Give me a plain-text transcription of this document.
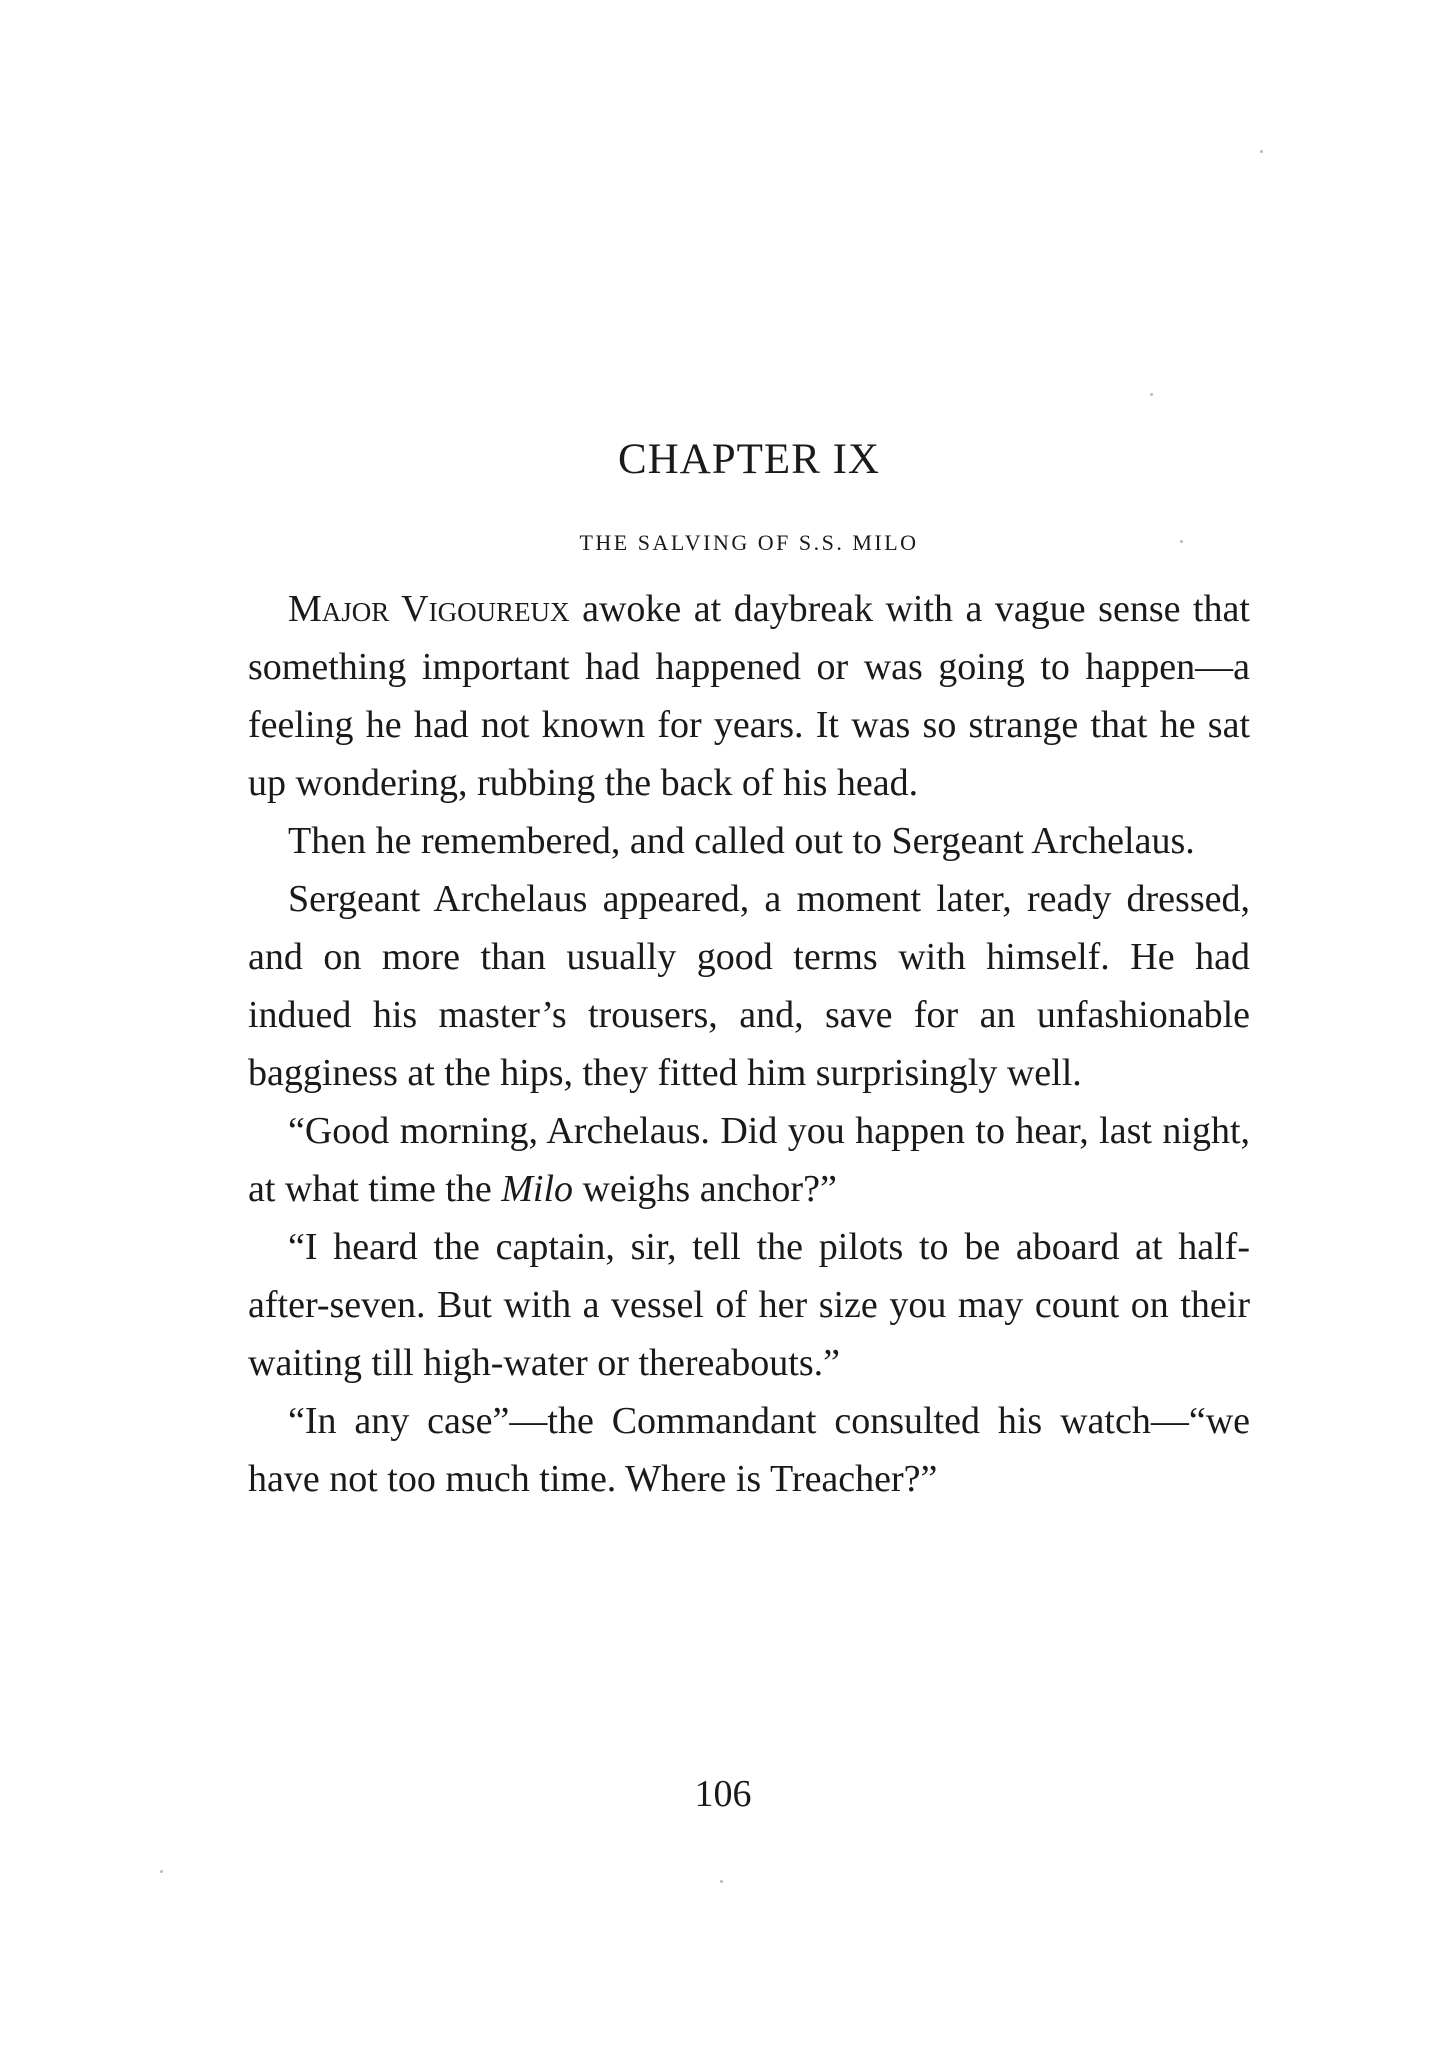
CHAPTER IX
THE SALVING OF S.S. MILO

Major Vigoureux awoke at daybreak with a vague sense that something important had happened or was going to happen—a feeling he had not known for years. It was so strange that he sat up wondering, rubbing the back of his head.

Then he remembered, and called out to Sergeant Archelaus.

Sergeant Archelaus appeared, a moment later, ready dressed, and on more than usually good terms with himself. He had indued his master’s trousers, and, save for an unfashionable bagginess at the hips, they fitted him surprisingly well.

“Good morning, Archelaus. Did you happen to hear, last night, at what time the Milo weighs anchor?”

“I heard the captain, sir, tell the pilots to be aboard at half-after-seven. But with a vessel of her size you may count on their waiting till high-water or thereabouts.”

“In any case”—the Commandant consulted his watch—“we have not too much time. Where is Treacher?”

106
